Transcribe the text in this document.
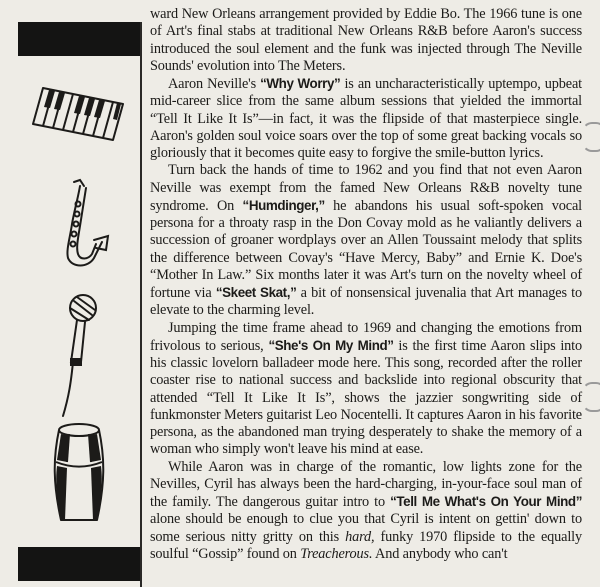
ward New Orleans arrangement provided by Eddie Bo. The 1966 tune is one of Art's final stabs at traditional New Orleans R&B before Aaron's success introduced the soul element and the funk was injected through The Neville Sounds' evolution into The Meters.

Aaron Neville's “Why Worry” is an uncharacteristically uptempo, upbeat mid-career slice from the same album sessions that yielded the immortal “Tell It Like It Is”—in fact, it was the flipside of that masterpiece single. Aaron's golden soul voice soars over the top of some great backing vocals so gloriously that it becomes quite easy to forgive the smile-button lyrics.

Turn back the hands of time to 1962 and you find that not even Aaron Neville was exempt from the famed New Orleans R&B novelty tune syndrome. On “Humdinger,” he abandons his usual soft-spoken vocal persona for a throaty rasp in the Don Covay mold as he valiantly delivers a succession of groaner wordplays over an Allen Toussaint melody that splits the difference between Covay's “Have Mercy, Baby” and Ernie K. Doe's “Mother In Law.” Six months later it was Art's turn on the novelty wheel of fortune via “Skeet Skat,” a bit of nonsensical juvenalia that Art manages to elevate to the charming level.

Jumping the time frame ahead to 1969 and changing the emotions from frivolous to serious, “She's On My Mind” is the first time Aaron slips into his classic lovelorn balladeer mode here. This song, recorded after the roller coaster rise to national success and backslide into regional obscurity that attended “Tell It Like It Is”, shows the jazzier songwriting side of funkmonster Meters guitarist Leo Nocentelli. It captures Aaron in his favorite persona, as the abandoned man trying desperately to shake the memory of a woman who simply won't leave his mind at ease.

While Aaron was in charge of the romantic, low lights zone for the Nevilles, Cyril has always been the hard-charging, in-your-face soul man of the family. The dangerous guitar intro to “Tell Me What's On Your Mind” alone should be enough to clue you that Cyril is intent on gettin' down to some serious nitty gritty on this hard, funky 1970 flipside to the equally soulful “Gossip” found on Treacherous. And anybody who can't
